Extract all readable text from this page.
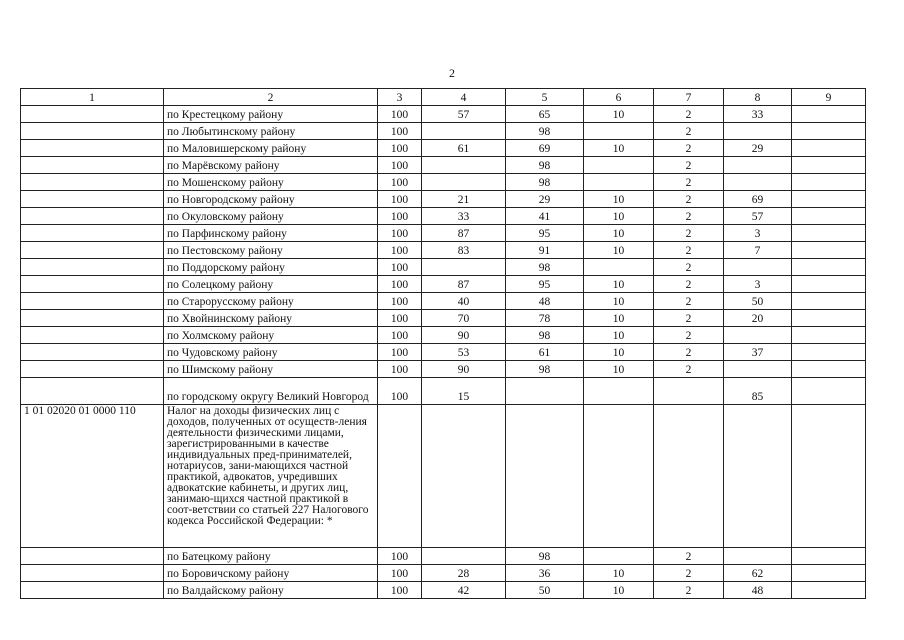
2
1	2	3	4	5	6	7	8	9
	по Крестецкому району	100	57	65	10	2	33	
	по Любытинскому району	100		98		2		
	по Маловишерскому району	100	61	69	10	2	29	
	по Марёвскому району	100		98		2		
	по Мошенскому району	100		98		2		
	по Новгородскому району	100	21	29	10	2	69	
	по Окуловскому району	100	33	41	10	2	57	
	по Парфинскому району	100	87	95	10	2	3	
	по Пестовскому району	100	83	91	10	2	7	
	по Поддорскому району	100		98		2		
	по Солецкому району	100	87	95	10	2	3	
	по Старорусскому району	100	40	48	10	2	50	
	по Хвойнинскому району	100	70	78	10	2	20	
	по Холмскому району	100	90	98	10	2		
	по Чудовскому району	100	53	61	10	2	37	
	по Шимскому району	100	90	98	10	2		
	по городскому округу Великий Новгород	100	15				85	
1 01 02020 01 0000 110	Налог на доходы физических лиц с доходов, полученных от осуществ-ления деятельности физическими лицами, зарегистрированными в качестве индивидуальных пред-принимателей, нотариусов, зани-мающихся частной практикой, адвокатов, учредивших адвокатские кабинеты, и других лиц, занимаю-щихся частной практикой в соот-ветствии со статьей 227 Налогового кодекса Российской Федерации: *							
	по Батецкому району	100		98		2		
	по Боровичскому району	100	28	36	10	2	62	
	по Валдайскому району	100	42	50	10	2	48	
